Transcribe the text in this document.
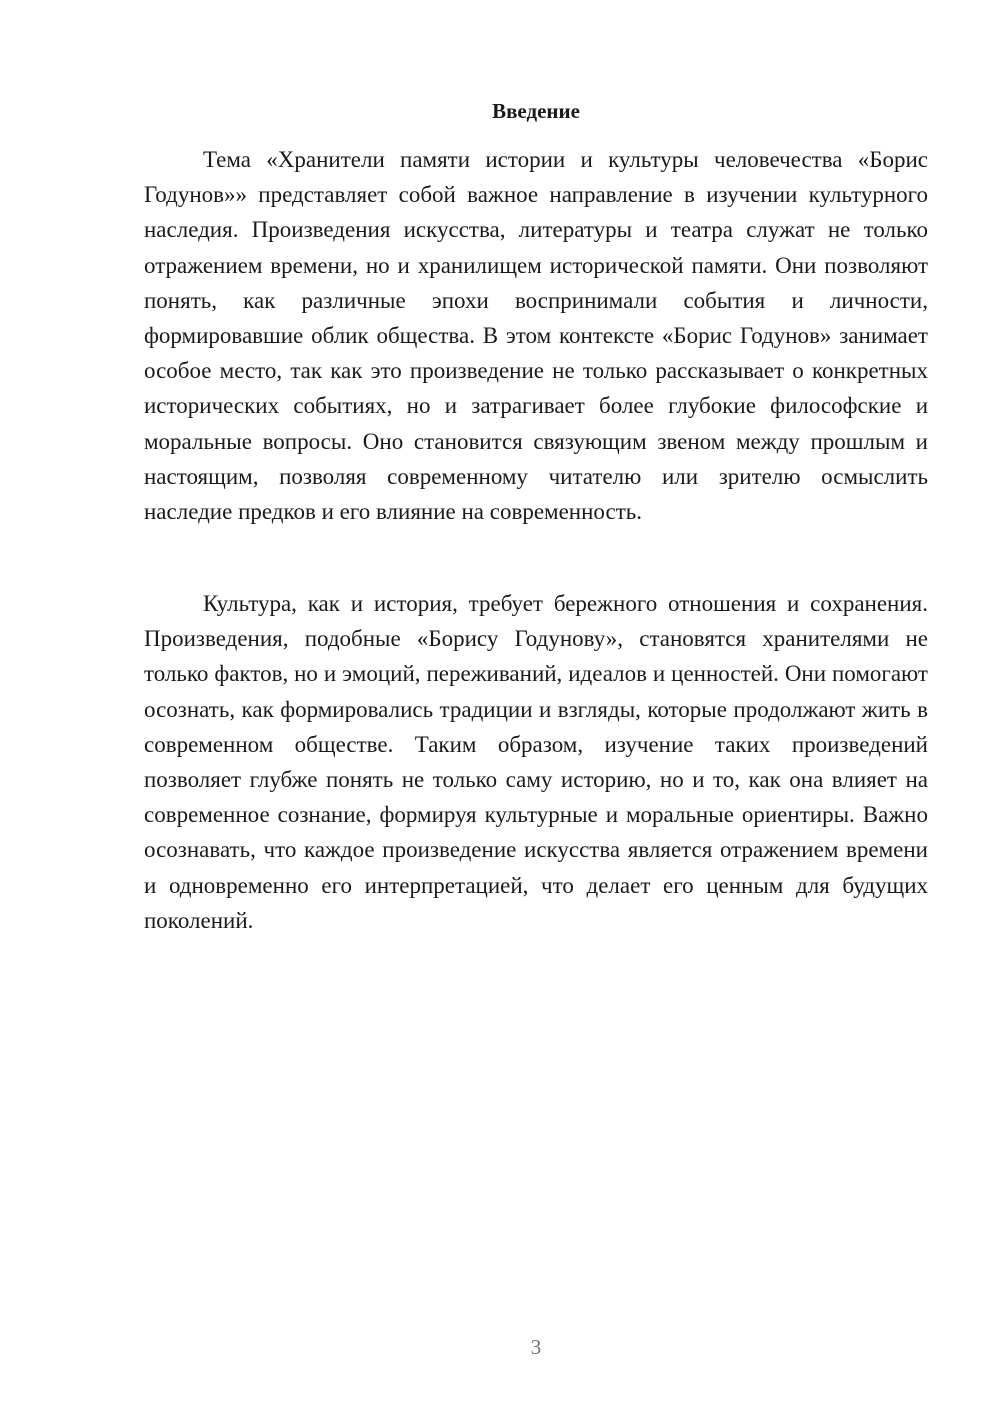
Введение

Тема «Хранители памяти истории и культуры человечества «Борис Годунов»» представляет собой важное направление в изучении культурного наследия. Произведения искусства, литературы и театра служат не только отражением времени, но и хранилищем исторической памяти. Они позволяют понять, как различные эпохи воспринимали события и личности, формировавшие облик общества. В этом контексте «Борис Годунов» занимает особое место, так как это произведение не только рассказывает о конкретных исторических событиях, но и затрагивает более глубокие философские и моральные вопросы. Оно становится связующим звеном между прошлым и настоящим, позволяя современному читателю или зрителю осмыслить наследие предков и его влияние на современность.

Культура, как и история, требует бережного отношения и сохранения. Произведения, подобные «Борису Годунову», становятся хранителями не только фактов, но и эмоций, переживаний, идеалов и ценностей. Они помогают осознать, как формировались традиции и взгляды, которые продолжают жить в современном обществе. Таким образом, изучение таких произведений позволяет глубже понять не только саму историю, но и то, как она влияет на современное сознание, формируя культурные и моральные ориентиры. Важно осознавать, что каждое произведение искусства является отражением времени и одновременно его интерпретацией, что делает его ценным для будущих поколений.

3
